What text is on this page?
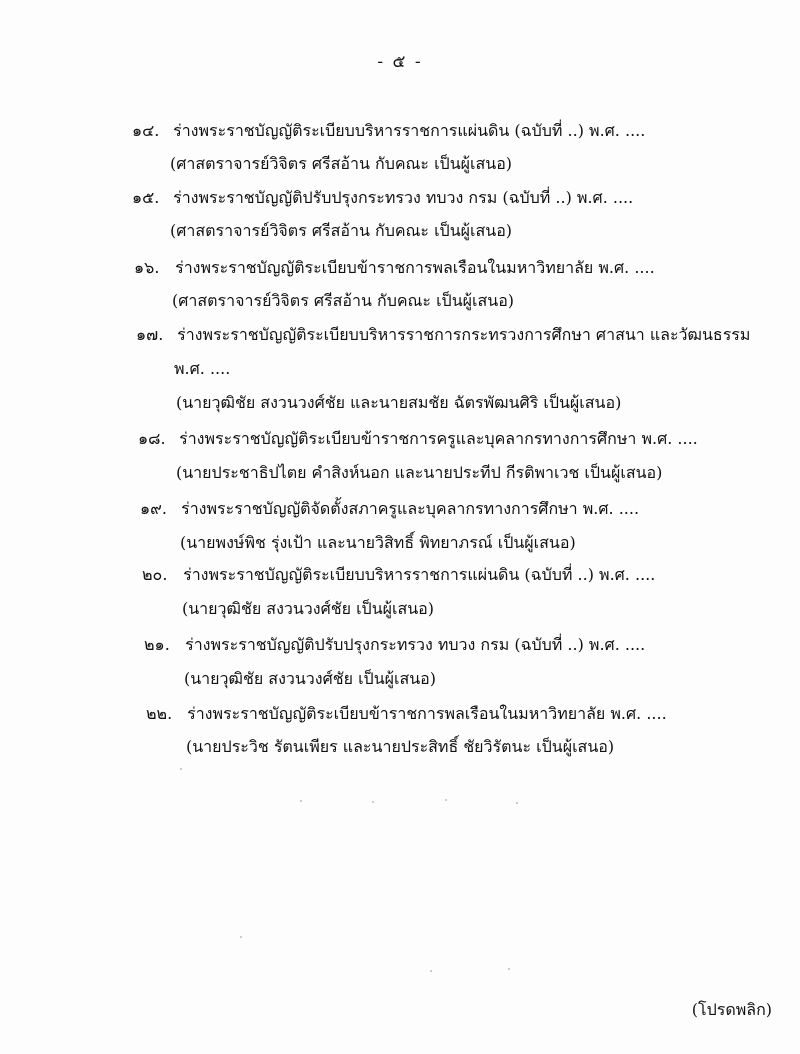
- ๕ -
๑๔. ร่างพระราชบัญญัติระเบียบบริหารราชการแผ่นดิน (ฉบับที่ ..) พ.ศ. ....
(ศาสตราจารย์วิจิตร ศรีสอ้าน กับคณะ เป็นผู้เสนอ)
๑๕. ร่างพระราชบัญญัติปรับปรุงกระทรวง ทบวง กรม (ฉบับที่ ..) พ.ศ. ....
(ศาสตราจารย์วิจิตร ศรีสอ้าน กับคณะ เป็นผู้เสนอ)
๑๖. ร่างพระราชบัญญัติระเบียบข้าราชการพลเรือนในมหาวิทยาลัย พ.ศ. ....
(ศาสตราจารย์วิจิตร ศรีสอ้าน กับคณะ เป็นผู้เสนอ)
๑๗. ร่างพระราชบัญญัติระเบียบบริหารราชการกระทรวงการศึกษา ศาสนา และวัฒนธรรม
พ.ศ. ....
(นายวุฒิชัย สงวนวงศ์ชัย และนายสมชัย ฉัตรพัฒนศิริ เป็นผู้เสนอ)
๑๘. ร่างพระราชบัญญัติระเบียบข้าราชการครูและบุคลากรทางการศึกษา พ.ศ. ....
(นายประชาธิปไตย คำสิงห์นอก และนายประทีป กีรติพาเวช เป็นผู้เสนอ)
๑๙. ร่างพระราชบัญญัติจัดตั้งสภาครูและบุคลากรทางการศึกษา พ.ศ. ....
(นายพงษ์พิช รุ่งเป้า และนายวิสิทธิ์ พิทยาภรณ์ เป็นผู้เสนอ)
๒๐. ร่างพระราชบัญญัติระเบียบบริหารราชการแผ่นดิน (ฉบับที่ ..) พ.ศ. ....
(นายวุฒิชัย สงวนวงศ์ชัย เป็นผู้เสนอ)
๒๑. ร่างพระราชบัญญัติปรับปรุงกระทรวง ทบวง กรม (ฉบับที่ ..) พ.ศ. ....
(นายวุฒิชัย สงวนวงศ์ชัย เป็นผู้เสนอ)
๒๒. ร่างพระราชบัญญัติระเบียบข้าราชการพลเรือนในมหาวิทยาลัย พ.ศ. ....
(นายประวิช รัตนเพียร และนายประสิทธิ์ ชัยวิรัตนะ เป็นผู้เสนอ)
(โปรดพลิก)
